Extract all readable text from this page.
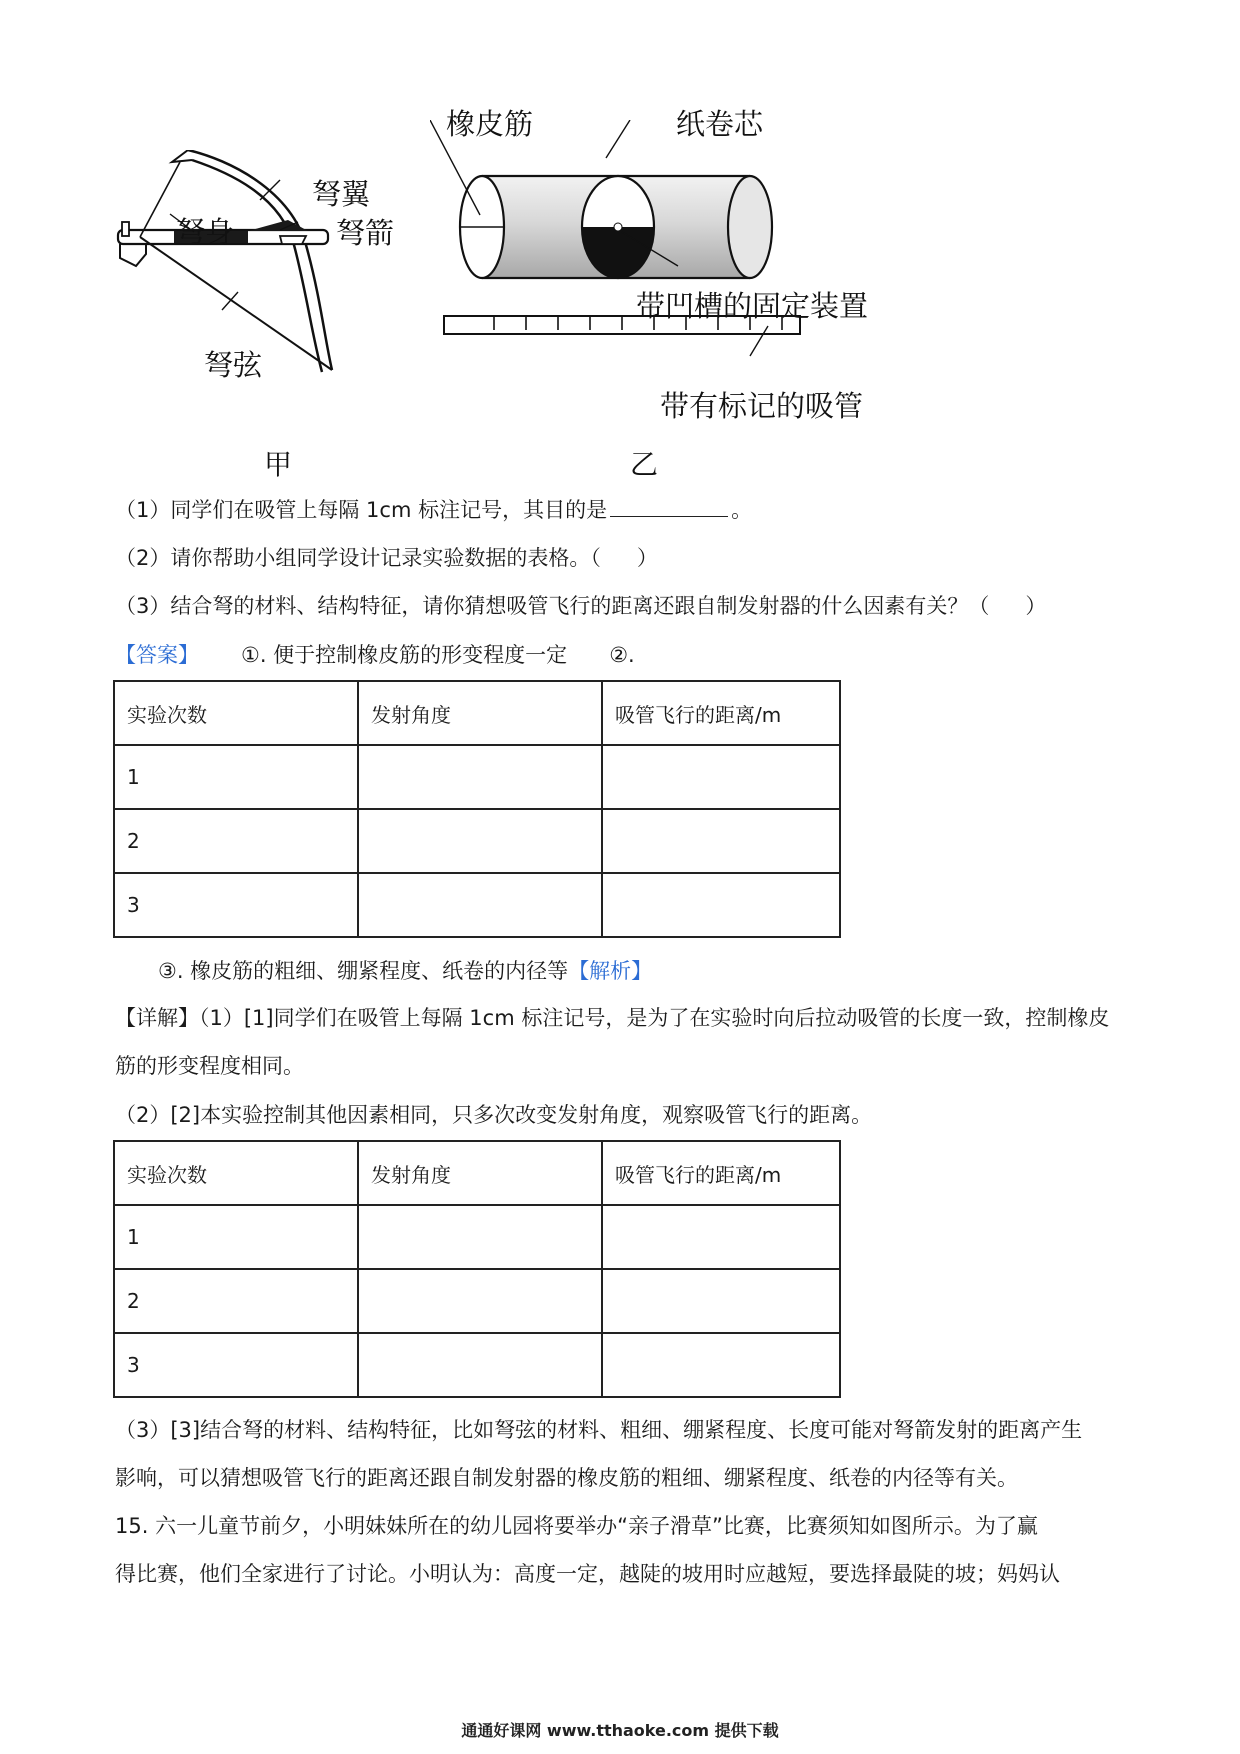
弩翼
弩身	弩箭
弩弦
甲
橡皮筋	纸卷芯
带凹槽的固定装置
带有标记的吸管
乙
（1）同学们在吸管上每隔 1cm 标注记号，其目的是	。
（2）请你帮助小组同学设计记录实验数据的表格。（ ）
（3）结合弩的材料、结构特征，请你猜想吸管飞行的距离还跟自制发射器的什么因素有关？（ ）
【答案】 ①. 便于控制橡皮筋的形变程度一定 ②.
实验次数	发射角度	吸管飞行的距离/m
1		
2		
3		
③. 橡皮筋的粗细、绷紧程度、纸卷的内径等【解析】
【详解】（1）[1]同学们在吸管上每隔 1cm 标注记号，是为了在实验时向后拉动吸管的长度一致，控制橡皮
筋的形变程度相同。
（2）[2]本实验控制其他因素相同，只多次改变发射角度，观察吸管飞行的距离。
实验次数	发射角度	吸管飞行的距离/m
1		
2		
3		
（3）[3]结合弩的材料、结构特征，比如弩弦的材料、粗细、绷紧程度、长度可能对弩箭发射的距离产生
影响，可以猜想吸管飞行的距离还跟自制发射器的橡皮筋的粗细、绷紧程度、纸卷的内径等有关。
15. 六一儿童节前夕，小明妹妹所在的幼儿园将要举办“亲子滑草”比赛，比赛须知如图所示。为了赢
得比赛，他们全家进行了讨论。小明认为：高度一定，越陡的坡用时应越短，要选择最陡的坡；妈妈认
通通好课网 www.tthaoke.com 提供下载
